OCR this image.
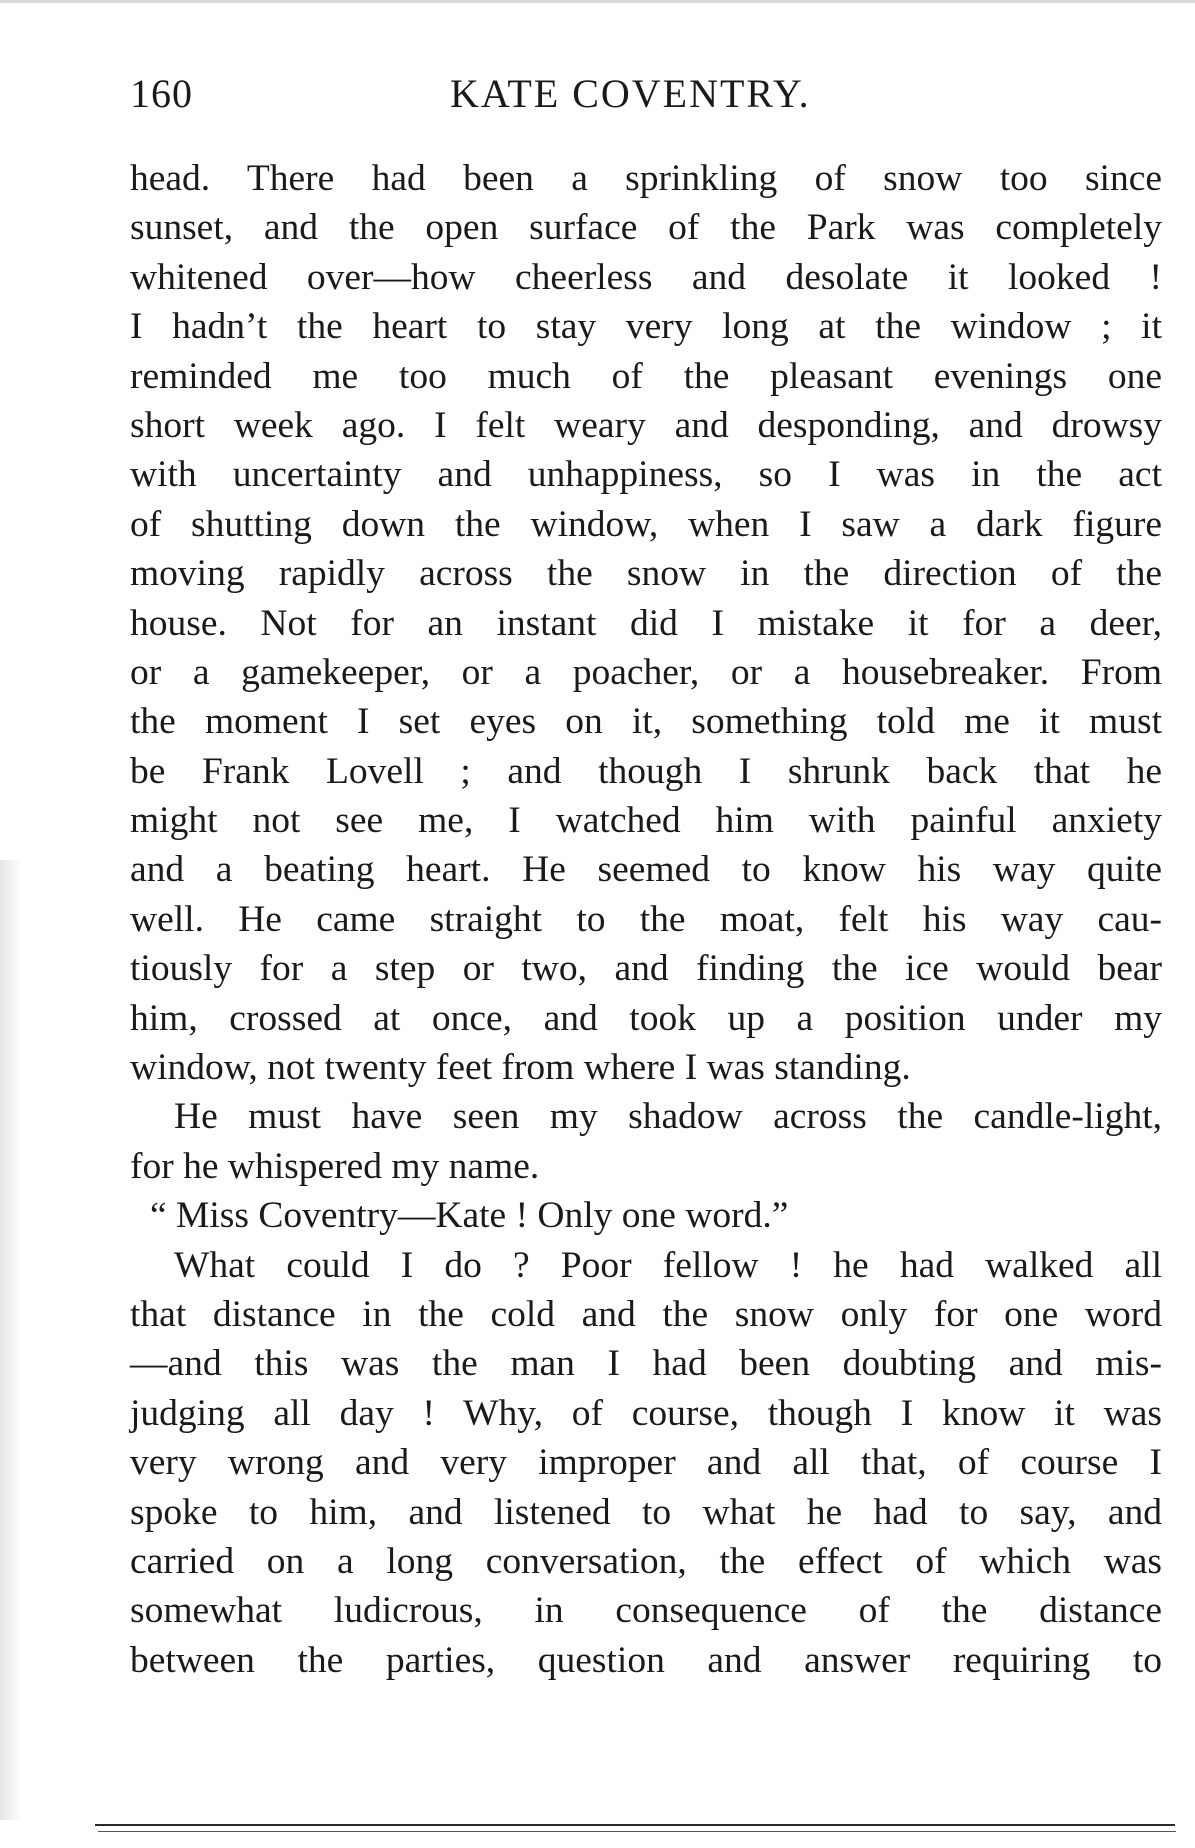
160	KATE COVENTRY.
head. There had been a sprinkling of snow too since
sunset, and the open surface of the Park was completely
whitened over—how cheerless and desolate it looked !
I hadn’t the heart to stay very long at the window ; it
reminded me too much of the pleasant evenings one
short week ago. I felt weary and desponding, and drowsy
with uncertainty and unhappiness, so I was in the act
of shutting down the window, when I saw a dark figure
moving rapidly across the snow in the direction of the
house. Not for an instant did I mistake it for a deer,
or a gamekeeper, or a poacher, or a housebreaker. From
the moment I set eyes on it, something told me it must
be Frank Lovell ; and though I shrunk back that he
might not see me, I watched him with painful anxiety
and a beating heart. He seemed to know his way quite
well. He came straight to the moat, felt his way cau-
tiously for a step or two, and finding the ice would bear
him, crossed at once, and took up a position under my
window, not twenty feet from where I was standing.
He must have seen my shadow across the candle-light,
for he whispered my name.
“ Miss Coventry—Kate ! Only one word.”
What could I do ? Poor fellow ! he had walked all
that distance in the cold and the snow only for one word
—and this was the man I had been doubting and mis-
judging all day ! Why, of course, though I know it was
very wrong and very improper and all that, of course I
spoke to him, and listened to what he had to say, and
carried on a long conversation, the effect of which was
somewhat ludicrous, in consequence of the distance
between the parties, question and answer requiring to
